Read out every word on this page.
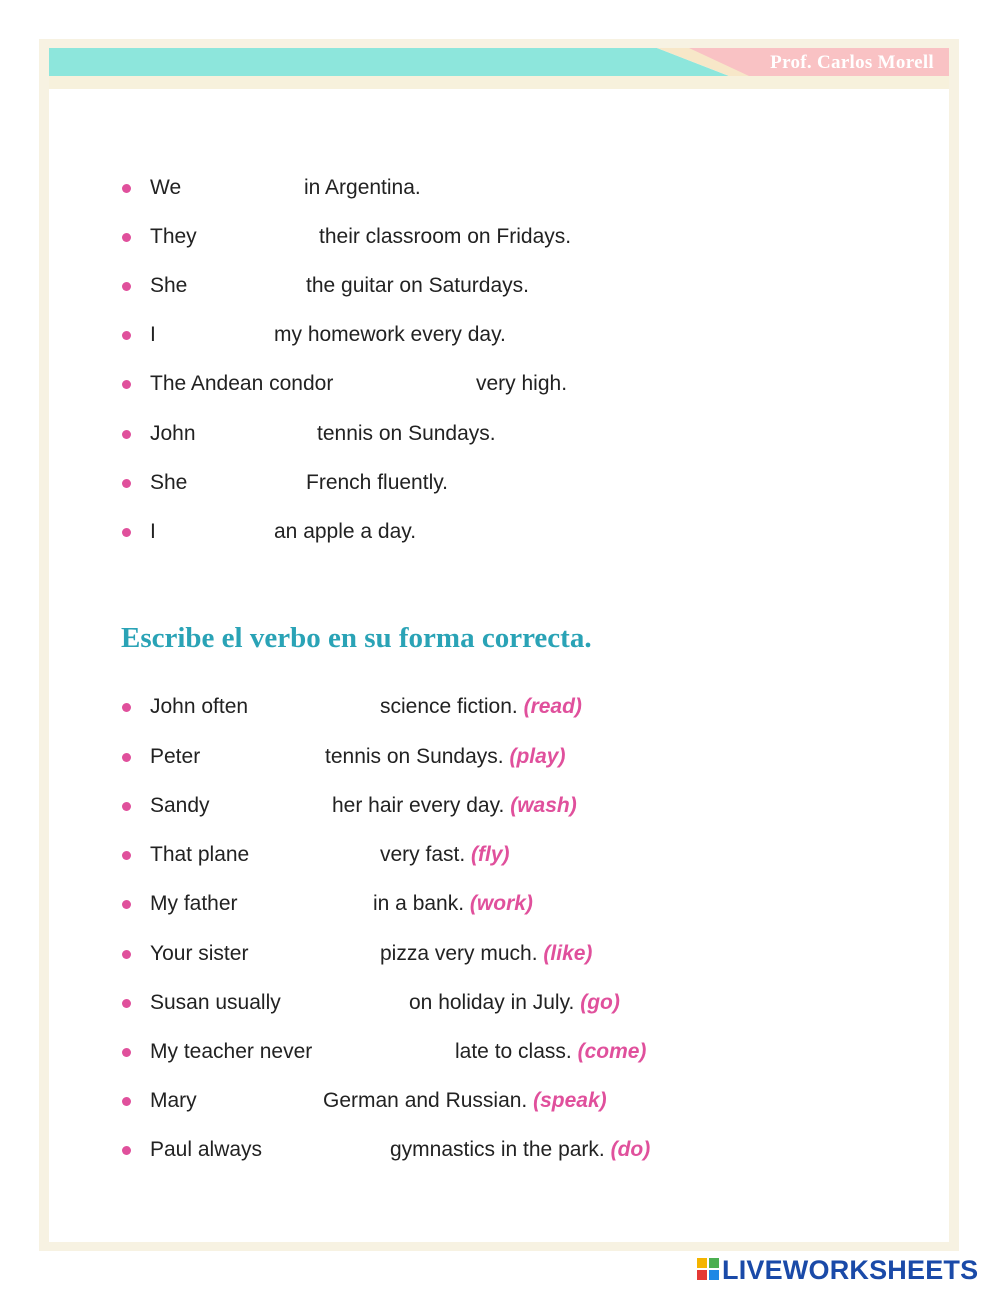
Prof. Carlos Morell
We	in Argentina.
They	their classroom on Fridays.
She	the guitar on Saturdays.
I	my homework every day.
The Andean condor	very high.
John	tennis on Sundays.
She	French fluently.
I	an apple a day.
Escribe el verbo en su forma correcta.
John often	science fiction. (read)
Peter	tennis on Sundays. (play)
Sandy	her hair every day. (wash)
That plane	very fast. (fly)
My father	in a bank. (work)
Your sister	pizza very much. (like)
Susan usually	on holiday in July. (go)
My teacher never	late to class. (come)
Mary	German and Russian. (speak)
Paul always	gymnastics in the park. (do)
LIVEWORKSHEETS
